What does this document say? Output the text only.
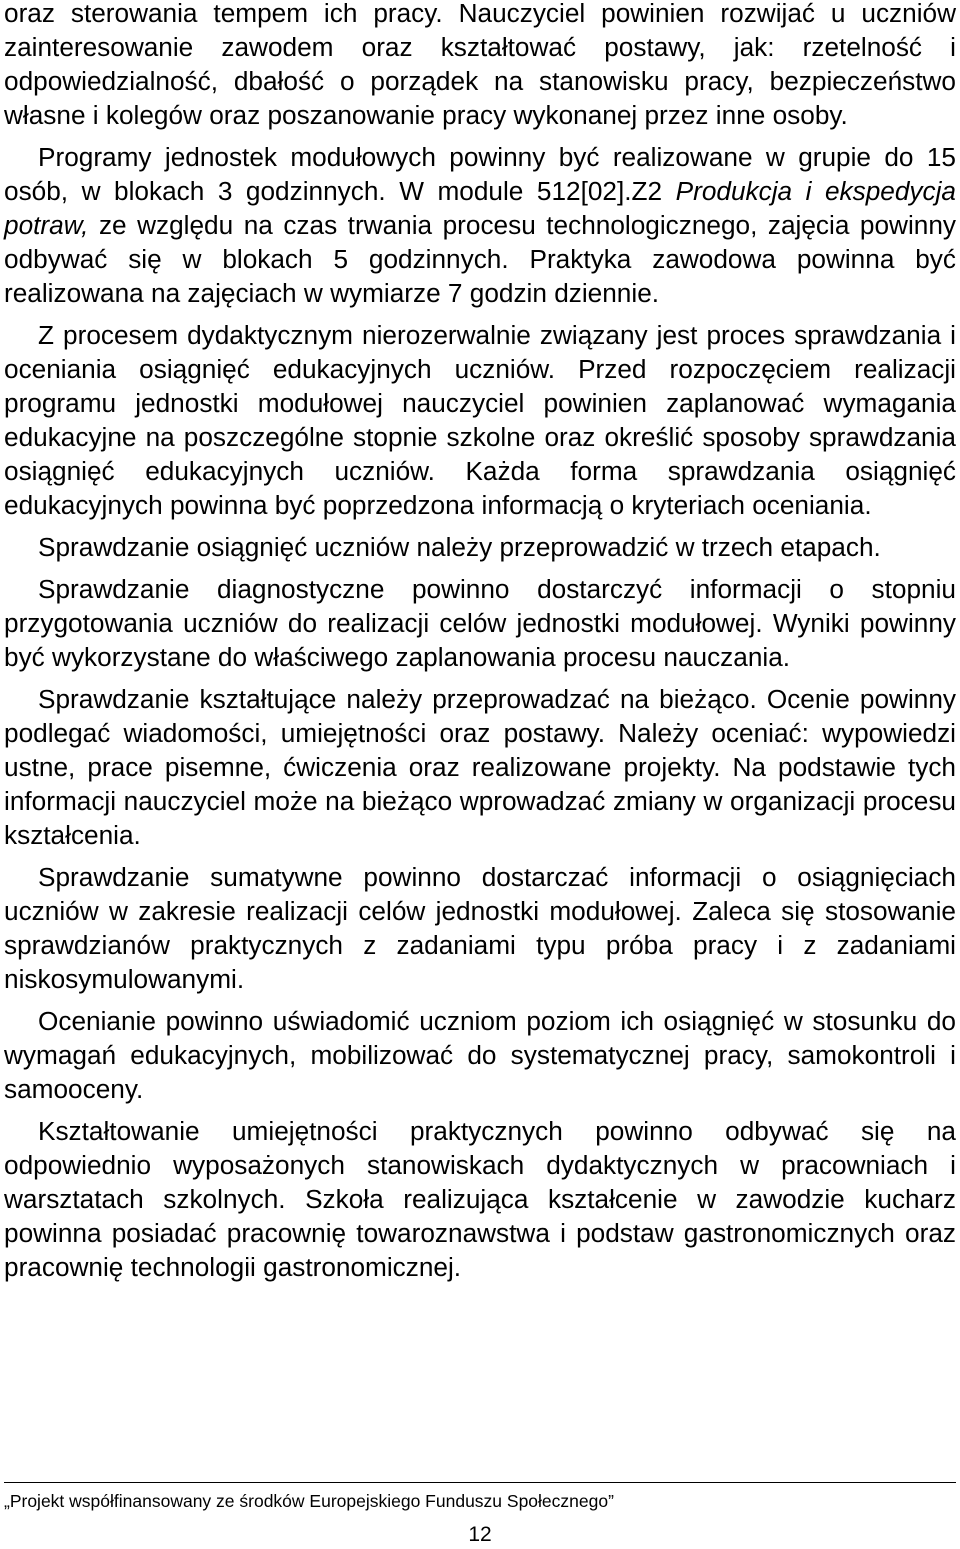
oraz sterowania tempem ich pracy. Nauczyciel powinien rozwijać u uczniów zainteresowanie zawodem oraz kształtować postawy, jak: rzetelność i odpowiedzialność, dbałość o porządek na stanowisku pracy, bezpieczeństwo własne i kolegów oraz poszanowanie pracy wykonanej przez inne osoby.

Programy jednostek modułowych powinny być realizowane w grupie do 15 osób, w blokach 3 godzinnych. W module 512[02].Z2 Produkcja i ekspedycja potraw, ze względu na czas trwania procesu technologicznego, zajęcia powinny odbywać się w blokach 5 godzinnych. Praktyka zawodowa powinna być realizowana na zajęciach w wymiarze 7 godzin dziennie.

Z procesem dydaktycznym nierozerwalnie związany jest proces sprawdzania i oceniania osiągnięć edukacyjnych uczniów. Przed rozpoczęciem realizacji programu jednostki modułowej nauczyciel powinien zaplanować wymagania edukacyjne na poszczególne stopnie szkolne oraz określić sposoby sprawdzania osiągnięć edukacyjnych uczniów. Każda forma sprawdzania osiągnięć edukacyjnych powinna być poprzedzona informacją o kryteriach oceniania.

Sprawdzanie osiągnięć uczniów należy przeprowadzić w trzech etapach.

Sprawdzanie diagnostyczne powinno dostarczyć informacji o stopniu przygotowania uczniów do realizacji celów jednostki modułowej. Wyniki powinny być wykorzystane do właściwego zaplanowania procesu nauczania.

Sprawdzanie kształtujące należy przeprowadzać na bieżąco. Ocenie powinny podlegać wiadomości, umiejętności oraz postawy. Należy oceniać: wypowiedzi ustne, prace pisemne, ćwiczenia oraz realizowane projekty. Na podstawie tych informacji nauczyciel może na bieżąco wprowadzać zmiany w organizacji procesu kształcenia.

Sprawdzanie sumatywne powinno dostarczać informacji o osiągnięciach uczniów w zakresie realizacji celów jednostki modułowej. Zaleca się stosowanie sprawdzianów praktycznych z zadaniami typu próba pracy i z zadaniami niskosymulowanymi.

Ocenianie powinno uświadomić uczniom poziom ich osiągnięć w stosunku do wymagań edukacyjnych, mobilizować do systematycznej pracy, samokontroli i samooceny.

Kształtowanie umiejętności praktycznych powinno odbywać się na odpowiednio wyposażonych stanowiskach dydaktycznych w pracowniach i warsztatach szkolnych. Szkoła realizująca kształcenie w zawodzie kucharz powinna posiadać pracownię towaroznawstwa i podstaw gastronomicznych oraz pracownię technologii gastronomicznej.

„Projekt współfinansowany ze środków Europejskiego Funduszu Społecznego”
12
